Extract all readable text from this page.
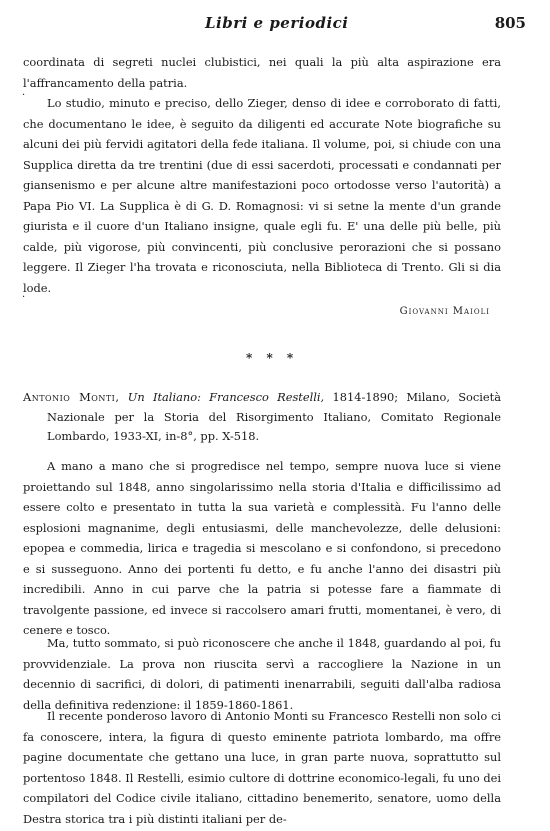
Libri e periodici	805

coordinata di segreti nuclei clubistici, nei quali la più alta aspirazione era l'affrancamento della patria.

Lo studio, minuto e preciso, dello Zieger, denso di idee e corroborato di fatti, che documentano le idee, è seguito da diligenti ed accurate Note biografiche su alcuni dei più fervidi agitatori della fede italiana. Il volume, poi, si chiude con una Supplica diretta da tre trentini (due di essi sacerdoti, processati e condannati per giansenismo e per alcune altre manifestazioni poco ortodosse verso l'autorità) a Papa Pio VI. La Supplica è di G. D. Romagnosi: vi si setne la mente d'un grande giurista e il cuore d'un Italiano insigne, quale egli fu. E' una delle più belle, più calde, più vigorose, più convincenti, più conclusive perorazioni che si possano leggere. Il Zieger l'ha trovata e riconosciuta, nella Biblioteca di Trento. Gli si dia lode.

Giovanni Maioli
* * *
Antonio Monti, Un Italiano: Francesco Restelli, 1814-1890; Milano, Società Nazionale per la Storia del Risorgimento Italiano, Comitato Regionale Lombardo, 1933-XI, in-8°, pp. X-518.

A mano a mano che si progredisce nel tempo, sempre nuova luce si viene proiettando sul 1848, anno singolarissimo nella storia d'Italia e difficilissimo ad essere colto e presentato in tutta la sua varietà e complessità. Fu l'anno delle esplosioni magnanime, degli entusiasmi, delle manchevolezze, delle delusioni: epopea e commedia, lirica e tragedia si mescolano e si confondono, si precedono e si susseguono. Anno dei portenti fu detto, e fu anche l'anno dei disastri più incredibili. Anno in cui parve che la patria si potesse fare a fiammate di travolgente passione, ed invece si raccolsero amari frutti, momentanei, è vero, di cenere e tosco.

Ma, tutto sommato, si può riconoscere che anche il 1848, guardando al poi, fu provvidenziale. La prova non riuscita servì a raccogliere la Nazione in un decennio di sacrifici, di dolori, di patimenti inenarrabili, seguiti dall'alba radiosa della definitiva redenzione: il 1859-1860-1861.

Il recente ponderoso lavoro di Antonio Monti su Francesco Restelli non solo ci fa conoscere, intera, la figura di questo eminente patriota lombardo, ma offre pagine documentate che gettano una luce, in gran parte nuova, soprattutto sul portentoso 1848. Il Restelli, esimio cultore di dottrine economico-legali, fu uno dei compilatori del Codice civile italiano, cittadino benemerito, senatore, uomo della Destra storica tra i più distinti italiani per de-

·
·
